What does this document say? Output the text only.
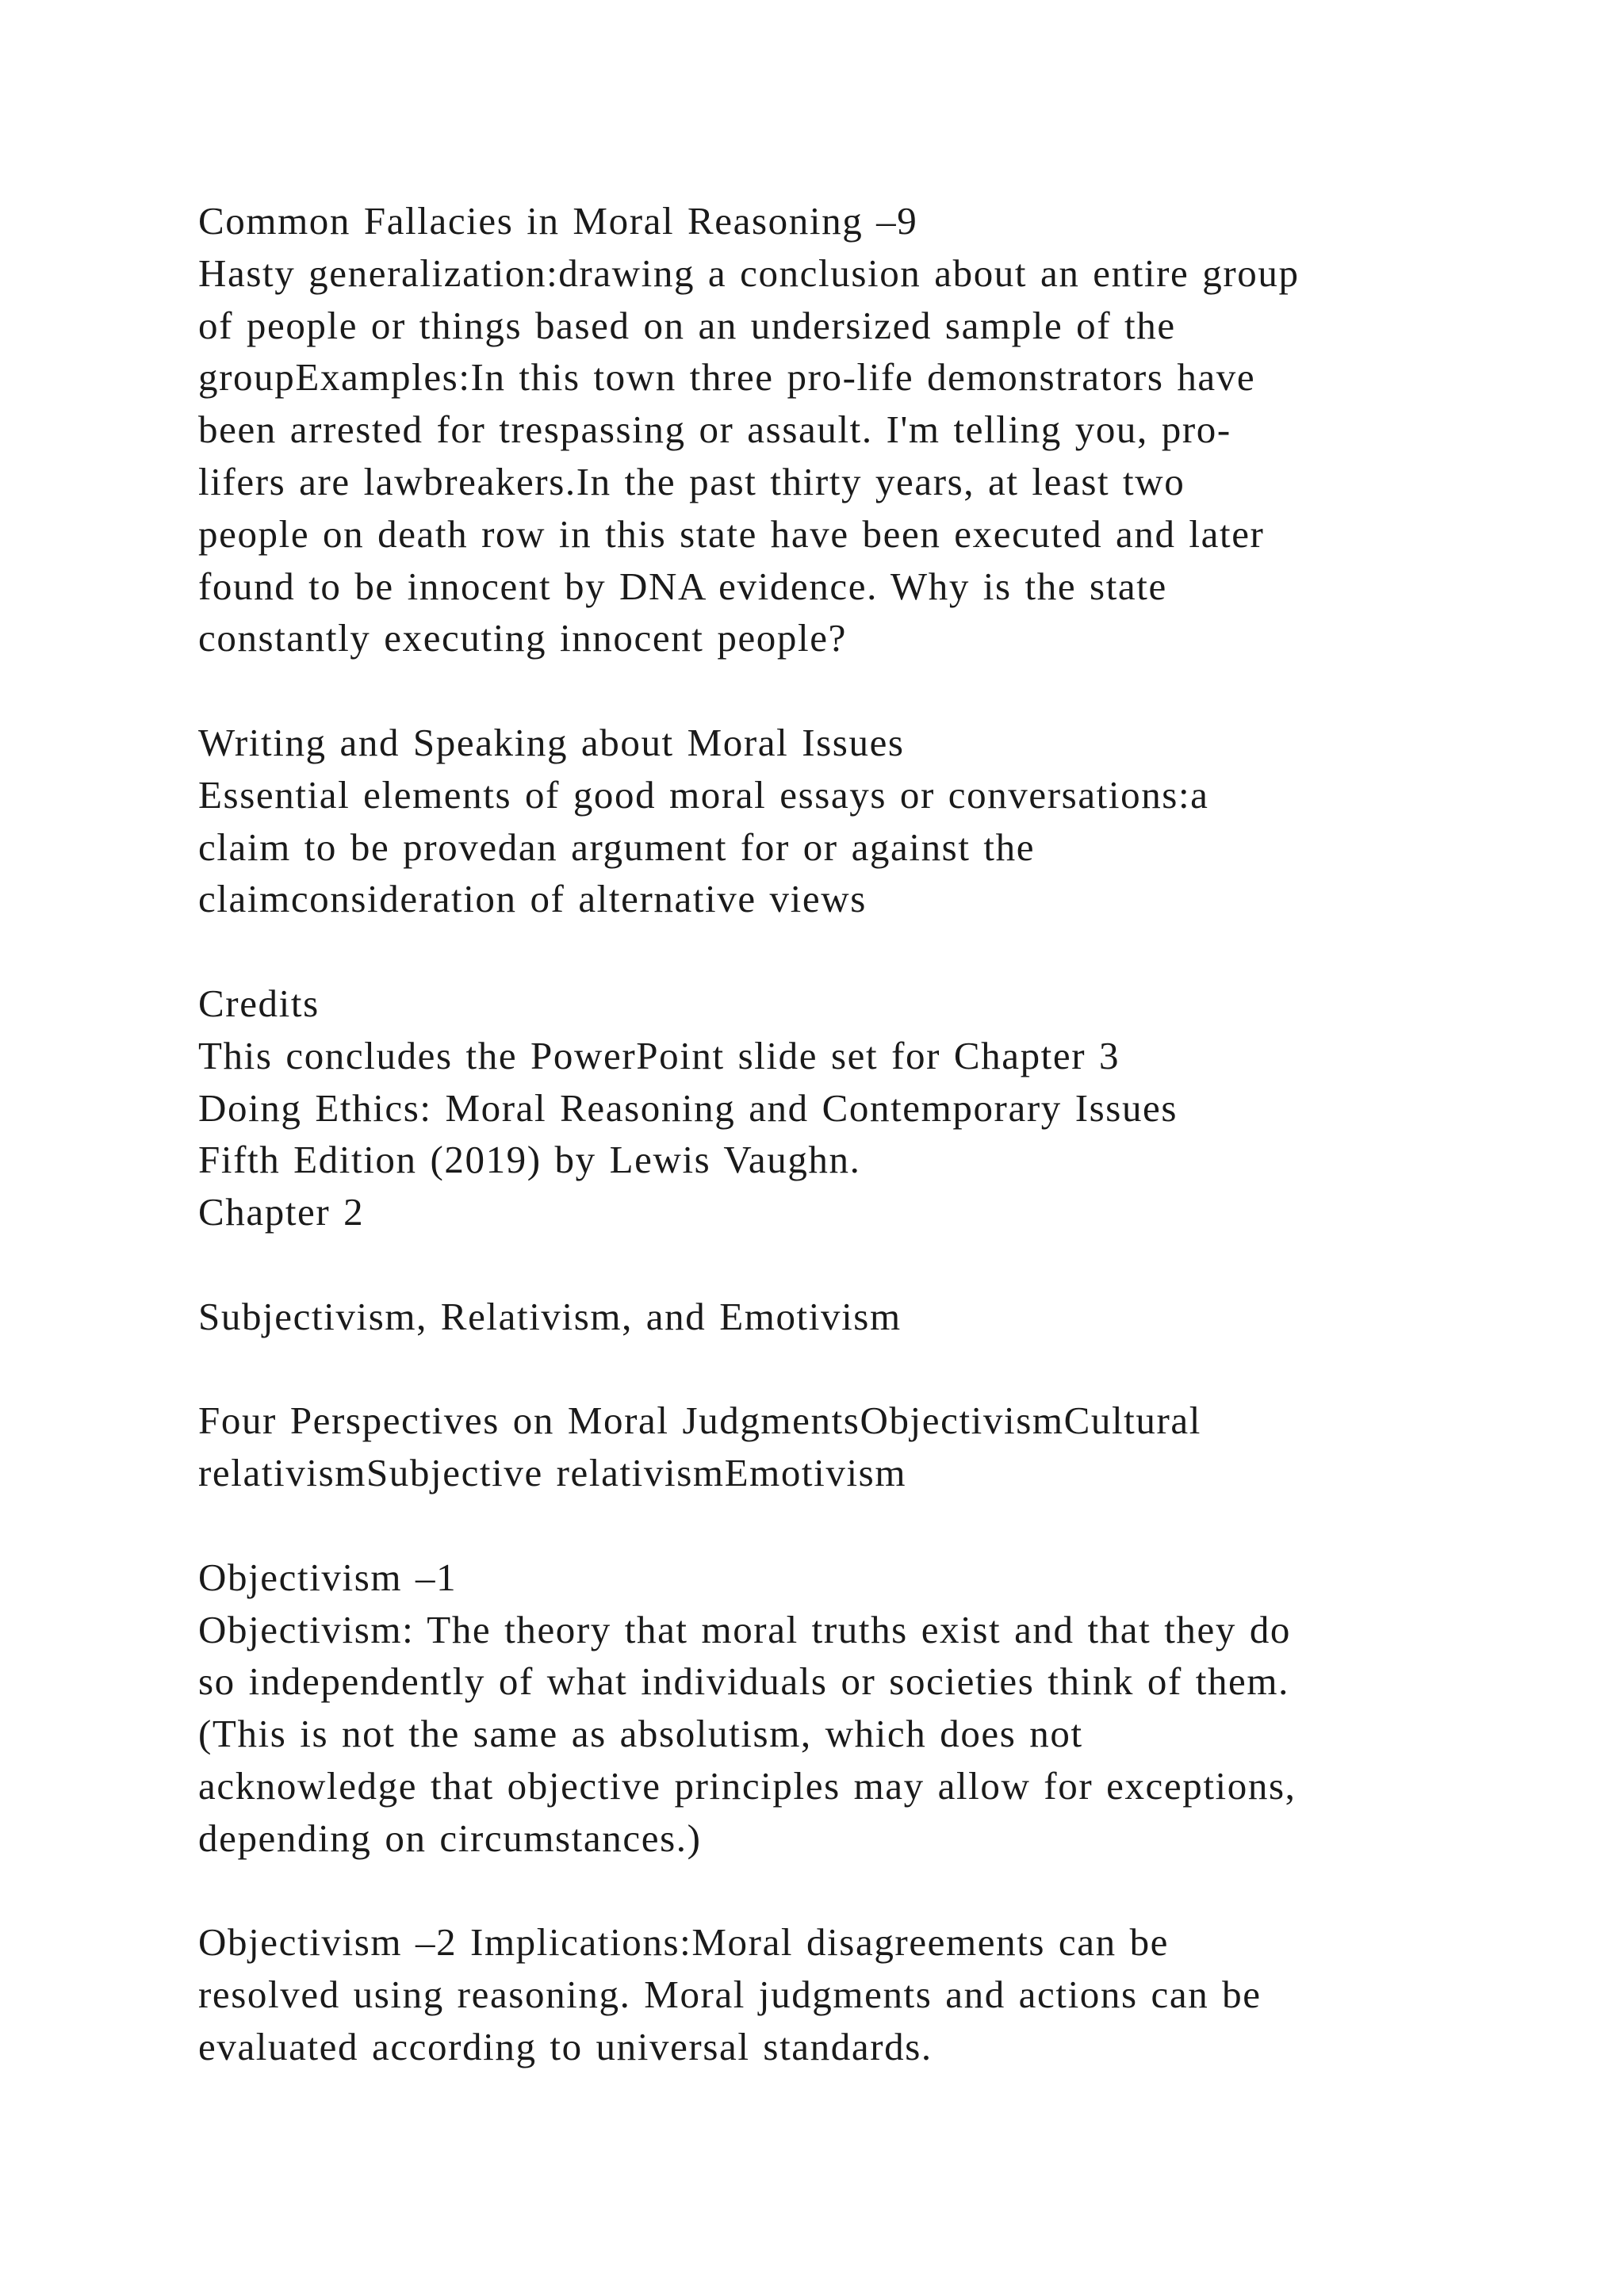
Common Fallacies in Moral Reasoning –9
Hasty generalization:drawing a conclusion about an entire group
of people or things based on an undersized sample of the
groupExamples:In this town three pro-life demonstrators have
been arrested for trespassing or assault. I'm telling you, pro-
lifers are lawbreakers.In the past thirty years, at least two
people on death row in this state have been executed and later
found to be innocent by DNA evidence. Why is the state
constantly executing innocent people?
Writing and Speaking about Moral Issues
Essential elements of good moral essays or conversations:a
claim to be provedan argument for or against the
claimconsideration of alternative views
Credits
This concludes the PowerPoint slide set for Chapter 3
Doing Ethics: Moral Reasoning and Contemporary Issues
Fifth Edition (2019) by Lewis Vaughn.
Chapter 2
Subjectivism, Relativism, and Emotivism
Four Perspectives on Moral JudgmentsObjectivismCultural
relativismSubjective relativismEmotivism
Objectivism –1
Objectivism: The theory that moral truths exist and that they do
so independently of what individuals or societies think of them.
(This is not the same as absolutism, which does not
acknowledge that objective principles may allow for exceptions,
depending on circumstances.)
Objectivism –2 Implications:Moral disagreements can be
resolved using reasoning. Moral judgments and actions can be
evaluated according to universal standards.
